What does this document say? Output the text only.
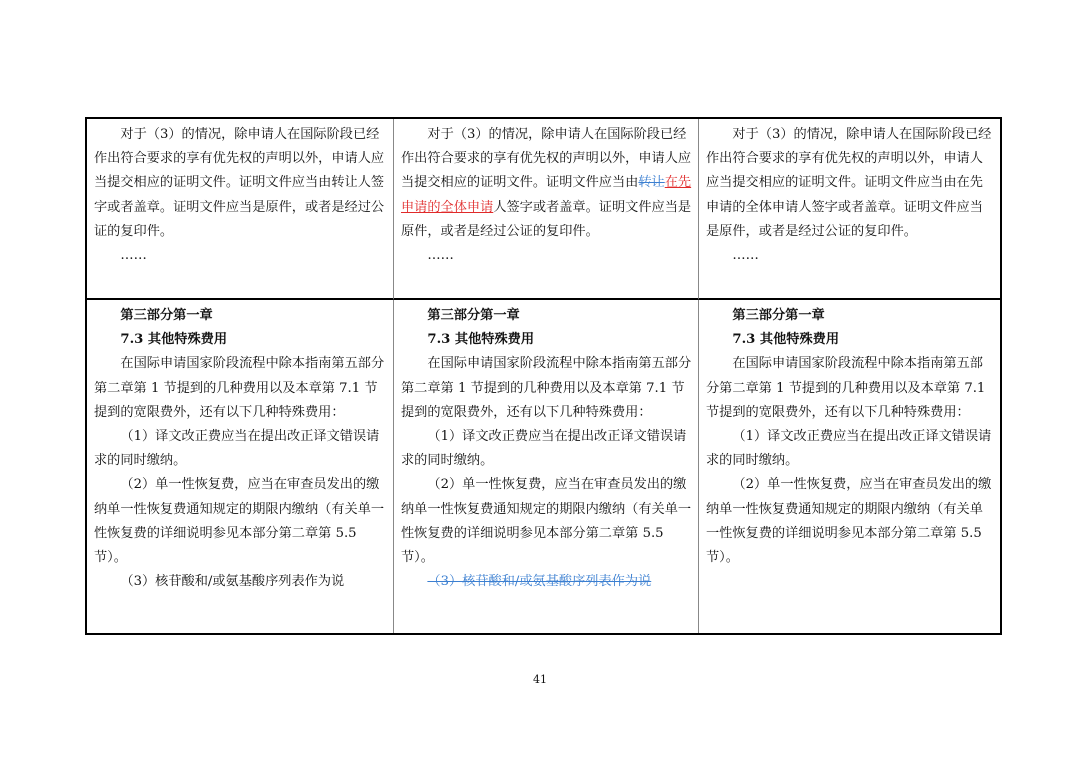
对于（3）的情况，除申请人在国际阶段已经作出符合要求的享有优先权的声明以外，申请人应当提交相应的证明文件。证明文件应当由转让人签字或者盖章。证明文件应当是原件，或者是经过公证的复印件。

……

对于（3）的情况，除申请人在国际阶段已经作出符合要求的享有优先权的声明以外，申请人应当提交相应的证明文件。证明文件应当由转让在先申请的全体申请人签字或者盖章。证明文件应当是原件，或者是经过公证的复印件。

……

对于（3）的情况，除申请人在国际阶段已经作出符合要求的享有优先权的声明以外，申请人应当提交相应的证明文件。证明文件应当由在先申请的全体申请人签字或者盖章。证明文件应当是原件，或者是经过公证的复印件。

……

第三部分第一章

7.3 其他特殊费用

在国际申请国家阶段流程中除本指南第五部分第二章第 1 节提到的几种费用以及本章第 7.1 节提到的宽限费外，还有以下几种特殊费用：

（1）译文改正费应当在提出改正译文错误请求的同时缴纳。

（2）单一性恢复费，应当在审查员发出的缴纳单一性恢复费通知规定的期限内缴纳（有关单一性恢复费的详细说明参见本部分第二章第 5.5 节）。

（3）核苷酸和/或氨基酸序列表作为说

第三部分第一章

7.3 其他特殊费用

在国际申请国家阶段流程中除本指南第五部分第二章第 1 节提到的几种费用以及本章第 7.1 节提到的宽限费外，还有以下几种特殊费用：

（1）译文改正费应当在提出改正译文错误请求的同时缴纳。

（2）单一性恢复费，应当在审查员发出的缴纳单一性恢复费通知规定的期限内缴纳（有关单一性恢复费的详细说明参见本部分第二章第 5.5 节）。

（3）核苷酸和/或氨基酸序列表作为说

第三部分第一章

7.3 其他特殊费用

在国际申请国家阶段流程中除本指南第五部分第二章第 1 节提到的几种费用以及本章第 7.1 节提到的宽限费外，还有以下几种特殊费用：

（1）译文改正费应当在提出改正译文错误请求的同时缴纳。

（2）单一性恢复费，应当在审查员发出的缴纳单一性恢复费通知规定的期限内缴纳（有关单一性恢复费的详细说明参见本部分第二章第 5.5 节）。

41
